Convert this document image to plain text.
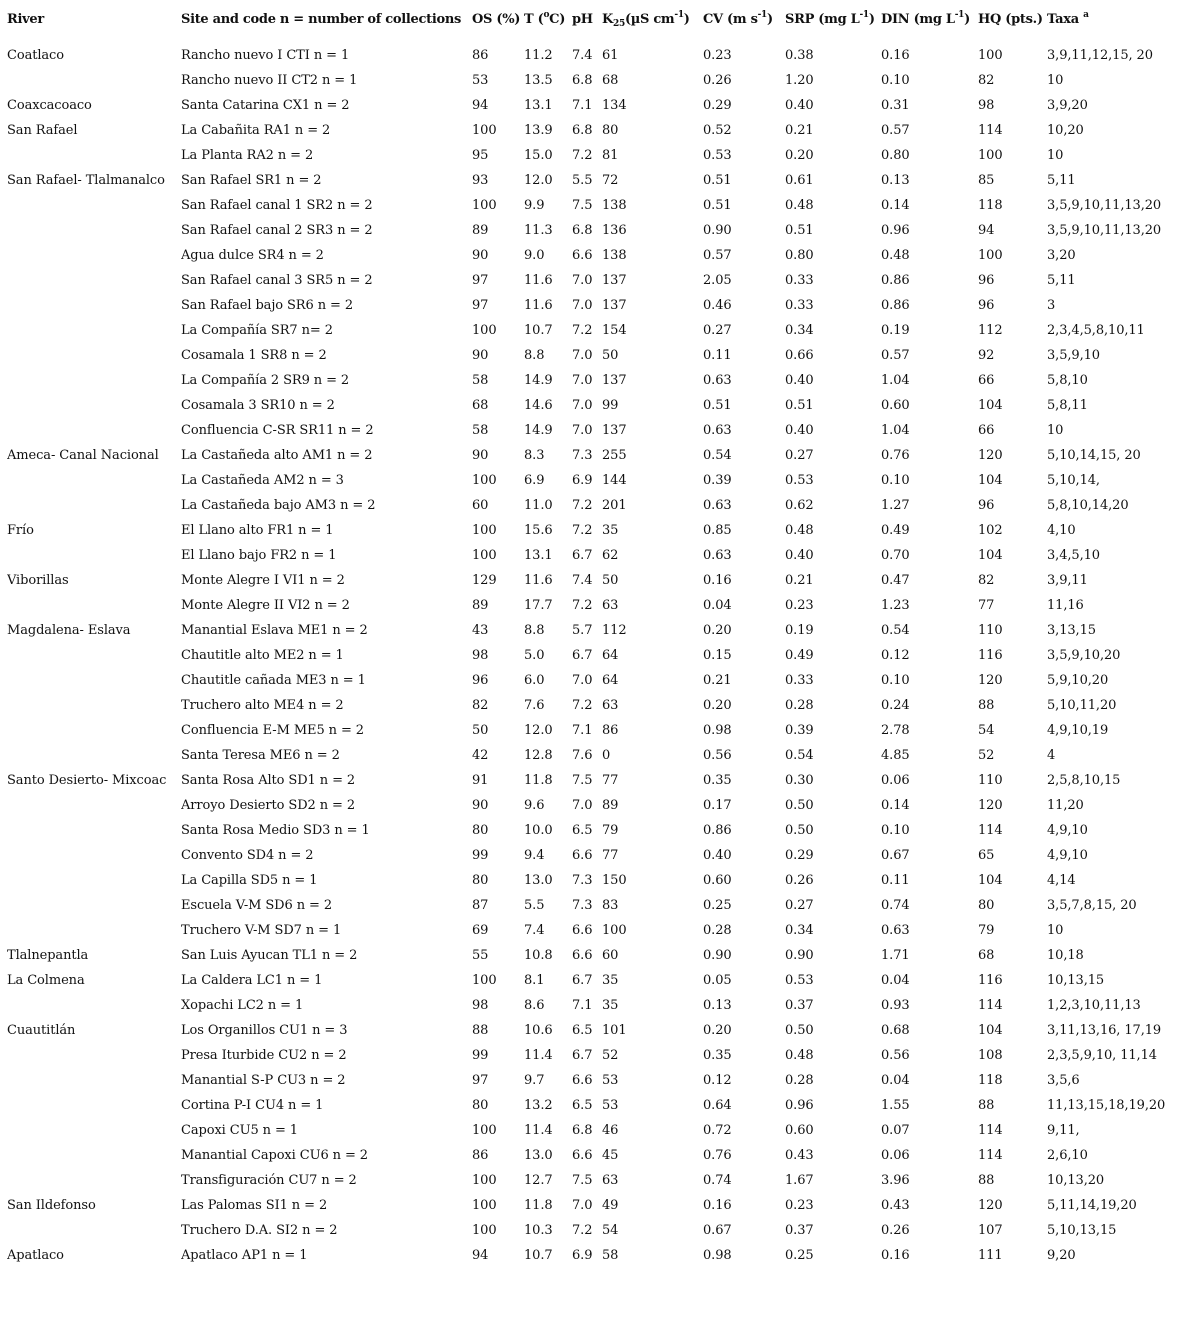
River	Site and code n = number of collections	OS (%)	T ($^o$C)	pH	$K_{25}(\mu S$ $cm^{-1}$)	CV (m $s^{-1}$)	SRP (mg $L^{-1}$)	DIN (mg $L^{-1}$)	HQ (pts.)	Taxa $^a$
Coatlaco	Rancho nuevo I CTI n = 1	86	11.2	7.4	61	0.23	0.38	0.16	100	3,9,11,12,15, 20
	Rancho nuevo II CT2 n = 1	53	13.5	6.8	68	0.26	1.20	0.10	82	10
Coaxcacoaco	Santa Catarina CX1 n = 2	94	13.1	7.1	134	0.29	0.40	0.31	98	3,9,20
San Rafael	La Cabañita RA1 n = 2	100	13.9	6.8	80	0.52	0.21	0.57	114	10,20
	La Planta RA2 n = 2	95	15.0	7.2	81	0.53	0.20	0.80	100	10
San Rafael- Tlalmanalco	San Rafael SR1 n = 2	93	12.0	5.5	72	0.51	0.61	0.13	85	5,11
	San Rafael canal 1 SR2 n = 2	100	9.9	7.5	138	0.51	0.48	0.14	118	3,5,9,10,11,13,20
	San Rafael canal 2 SR3 n = 2	89	11.3	6.8	136	0.90	0.51	0.96	94	3,5,9,10,11,13,20
	Agua dulce SR4 n = 2	90	9.0	6.6	138	0.57	0.80	0.48	100	3,20
	San Rafael canal 3 SR5 n = 2	97	11.6	7.0	137	2.05	0.33	0.86	96	5,11
	San Rafael bajo SR6 n = 2	97	11.6	7.0	137	0.46	0.33	0.86	96	3
	La Compañía SR7 n= 2	100	10.7	7.2	154	0.27	0.34	0.19	112	2,3,4,5,8,10,11
	Cosamala 1 SR8 n = 2	90	8.8	7.0	50	0.11	0.66	0.57	92	3,5,9,10
	La Compañía 2 SR9 n = 2	58	14.9	7.0	137	0.63	0.40	1.04	66	5,8,10
	Cosamala 3 SR10 n = 2	68	14.6	7.0	99	0.51	0.51	0.60	104	5,8,11
	Confluencia C-SR SR11 n = 2	58	14.9	7.0	137	0.63	0.40	1.04	66	10
Ameca- Canal Nacional	La Castañeda alto AM1 n = 2	90	8.3	7.3	255	0.54	0.27	0.76	120	5,10,14,15, 20
	La Castañeda AM2 n = 3	100	6.9	6.9	144	0.39	0.53	0.10	104	5,10,14,
	La Castañeda bajo AM3 n = 2	60	11.0	7.2	201	0.63	0.62	1.27	96	5,8,10,14,20
Frío	El Llano alto FR1 n = 1	100	15.6	7.2	35	0.85	0.48	0.49	102	4,10
	El Llano bajo FR2 n = 1	100	13.1	6.7	62	0.63	0.40	0.70	104	3,4,5,10
Viborillas	Monte Alegre I VI1 n = 2	129	11.6	7.4	50	0.16	0.21	0.47	82	3,9,11
	Monte Alegre II VI2 n = 2	89	17.7	7.2	63	0.04	0.23	1.23	77	11,16
Magdalena- Eslava	Manantial Eslava ME1 n = 2	43	8.8	5.7	112	0.20	0.19	0.54	110	3,13,15
	Chautitle alto ME2 n = 1	98	5.0	6.7	64	0.15	0.49	0.12	116	3,5,9,10,20
	Chautitle cañada ME3 n = 1	96	6.0	7.0	64	0.21	0.33	0.10	120	5,9,10,20
	Truchero alto ME4 n = 2	82	7.6	7.2	63	0.20	0.28	0.24	88	5,10,11,20
	Confluencia E-M ME5 n = 2	50	12.0	7.1	86	0.98	0.39	2.78	54	4,9,10,19
	Santa Teresa ME6 n = 2	42	12.8	7.6	0	0.56	0.54	4.85	52	4
Santo Desierto- Mixcoac	Santa Rosa Alto SD1 n = 2	91	11.8	7.5	77	0.35	0.30	0.06	110	2,5,8,10,15
	Arroyo Desierto SD2 n = 2	90	9.6	7.0	89	0.17	0.50	0.14	120	11,20
	Santa Rosa Medio SD3 n = 1	80	10.0	6.5	79	0.86	0.50	0.10	114	4,9,10
	Convento SD4 n = 2	99	9.4	6.6	77	0.40	0.29	0.67	65	4,9,10
	La Capilla SD5 n = 1	80	13.0	7.3	150	0.60	0.26	0.11	104	4,14
	Escuela V-M SD6 n = 2	87	5.5	7.3	83	0.25	0.27	0.74	80	3,5,7,8,15, 20
	Truchero V-M SD7 n = 1	69	7.4	6.6	100	0.28	0.34	0.63	79	10
Tlalnepantla	San Luis Ayucan TL1 n = 2	55	10.8	6.6	60	0.90	0.90	1.71	68	10,18
La Colmena	La Caldera LC1 n = 1	100	8.1	6.7	35	0.05	0.53	0.04	116	10,13,15
	Xopachi LC2 n = 1	98	8.6	7.1	35	0.13	0.37	0.93	114	1,2,3,10,11,13
Cuautitlán	Los Organillos CU1 n = 3	88	10.6	6.5	101	0.20	0.50	0.68	104	3,11,13,16, 17,19
	Presa Iturbide CU2 n = 2	99	11.4	6.7	52	0.35	0.48	0.56	108	2,3,5,9,10, 11,14
	Manantial S-P CU3 n = 2	97	9.7	6.6	53	0.12	0.28	0.04	118	3,5,6
	Cortina P-I CU4 n = 1	80	13.2	6.5	53	0.64	0.96	1.55	88	11,13,15,18,19,20
	Capoxi CU5 n = 1	100	11.4	6.8	46	0.72	0.60	0.07	114	9,11,
	Manantial Capoxi CU6 n = 2	86	13.0	6.6	45	0.76	0.43	0.06	114	2,6,10
	Transfiguración CU7 n = 2	100	12.7	7.5	63	0.74	1.67	3.96	88	10,13,20
San Ildefonso	Las Palomas SI1 n = 2	100	11.8	7.0	49	0.16	0.23	0.43	120	5,11,14,19,20
	Truchero D.A. SI2 n = 2	100	10.3	7.2	54	0.67	0.37	0.26	107	5,10,13,15
Apatlaco	Apatlaco AP1 n = 1	94	10.7	6.9	58	0.98	0.25	0.16	111	9,20
